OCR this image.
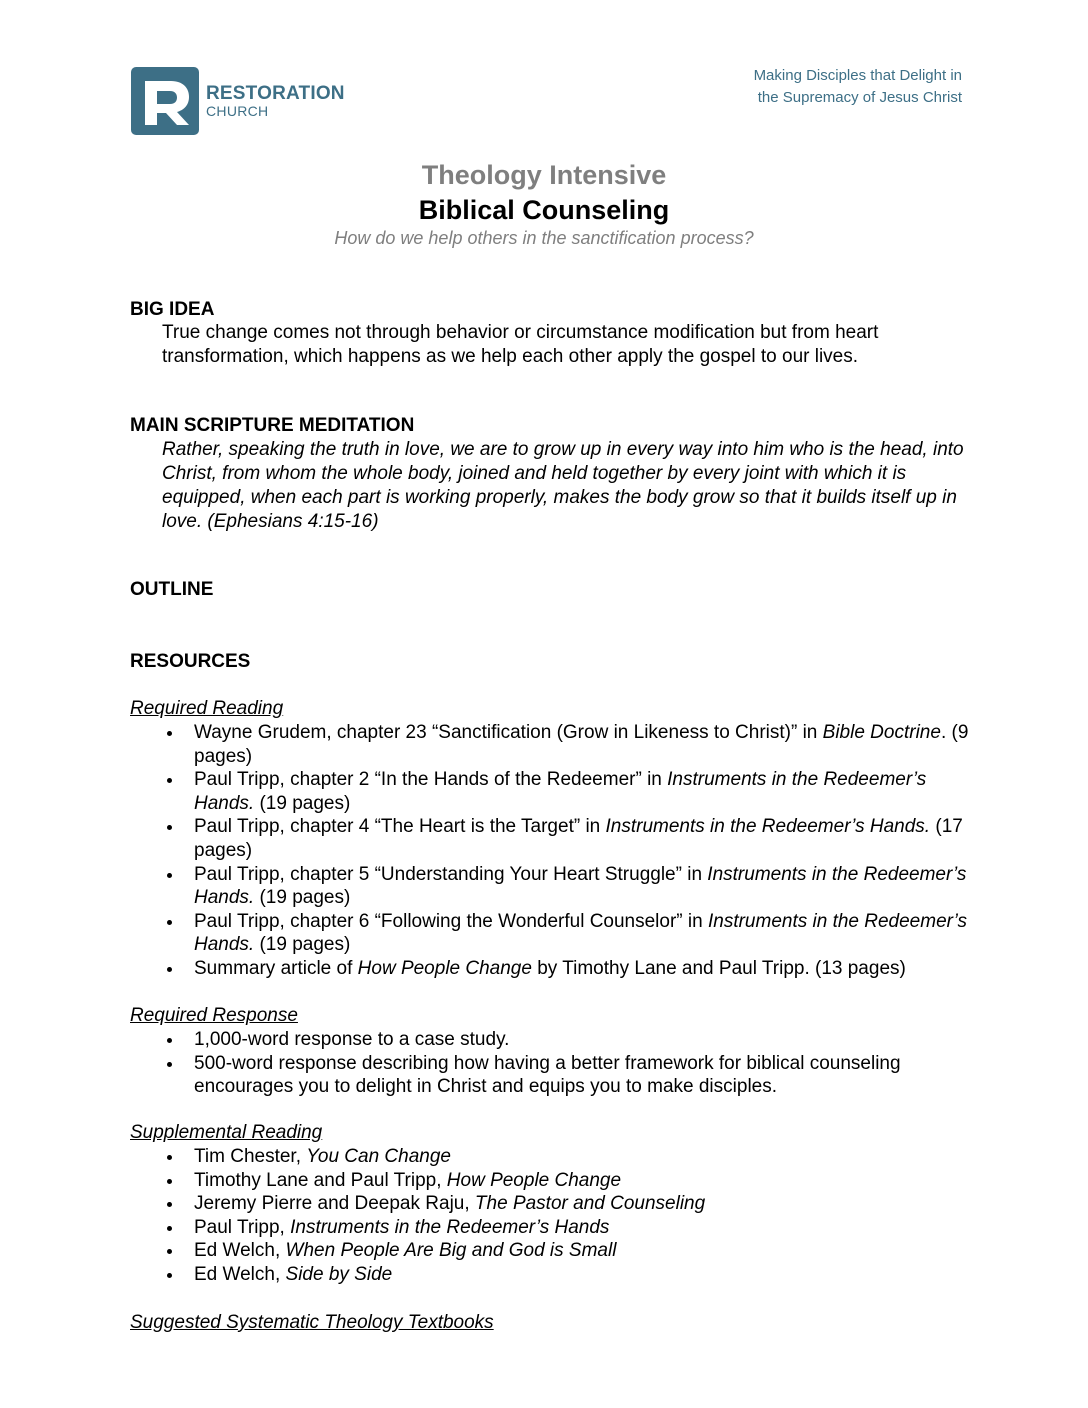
RESTORATION
CHURCH
Making Disciples that Delight in
the Supremacy of Jesus Christ
Theology Intensive
Biblical Counseling
How do we help others in the sanctification process?
BIG IDEA
True change comes not through behavior or circumstance modification but from heart transformation, which happens as we help each other apply the gospel to our lives.
MAIN SCRIPTURE MEDITATION
Rather, speaking the truth in love, we are to grow up in every way into him who is the head, into Christ, from whom the whole body, joined and held together by every joint with which it is equipped, when each part is working properly, makes the body grow so that it builds itself up in love. (Ephesians 4:15-16)
OUTLINE
RESOURCES
Required Reading
Wayne Grudem, chapter 23 “Sanctification (Grow in Likeness to Christ)” in Bible Doctrine. (9 pages)
Paul Tripp, chapter 2 “In the Hands of the Redeemer” in Instruments in the Redeemer’s Hands. (19 pages)
Paul Tripp, chapter 4 “The Heart is the Target” in Instruments in the Redeemer’s Hands. (17 pages)
Paul Tripp, chapter 5 “Understanding Your Heart Struggle” in Instruments in the Redeemer’s Hands. (19 pages)
Paul Tripp, chapter 6 “Following the Wonderful Counselor” in Instruments in the Redeemer’s Hands. (19 pages)
Summary article of How People Change by Timothy Lane and Paul Tripp. (13 pages)
Required Response
1,000-word response to a case study.
500-word response describing how having a better framework for biblical counseling encourages you to delight in Christ and equips you to make disciples.
Supplemental Reading
Tim Chester, You Can Change
Timothy Lane and Paul Tripp, How People Change
Jeremy Pierre and Deepak Raju, The Pastor and Counseling
Paul Tripp, Instruments in the Redeemer’s Hands
Ed Welch, When People Are Big and God is Small
Ed Welch, Side by Side
Suggested Systematic Theology Textbooks
